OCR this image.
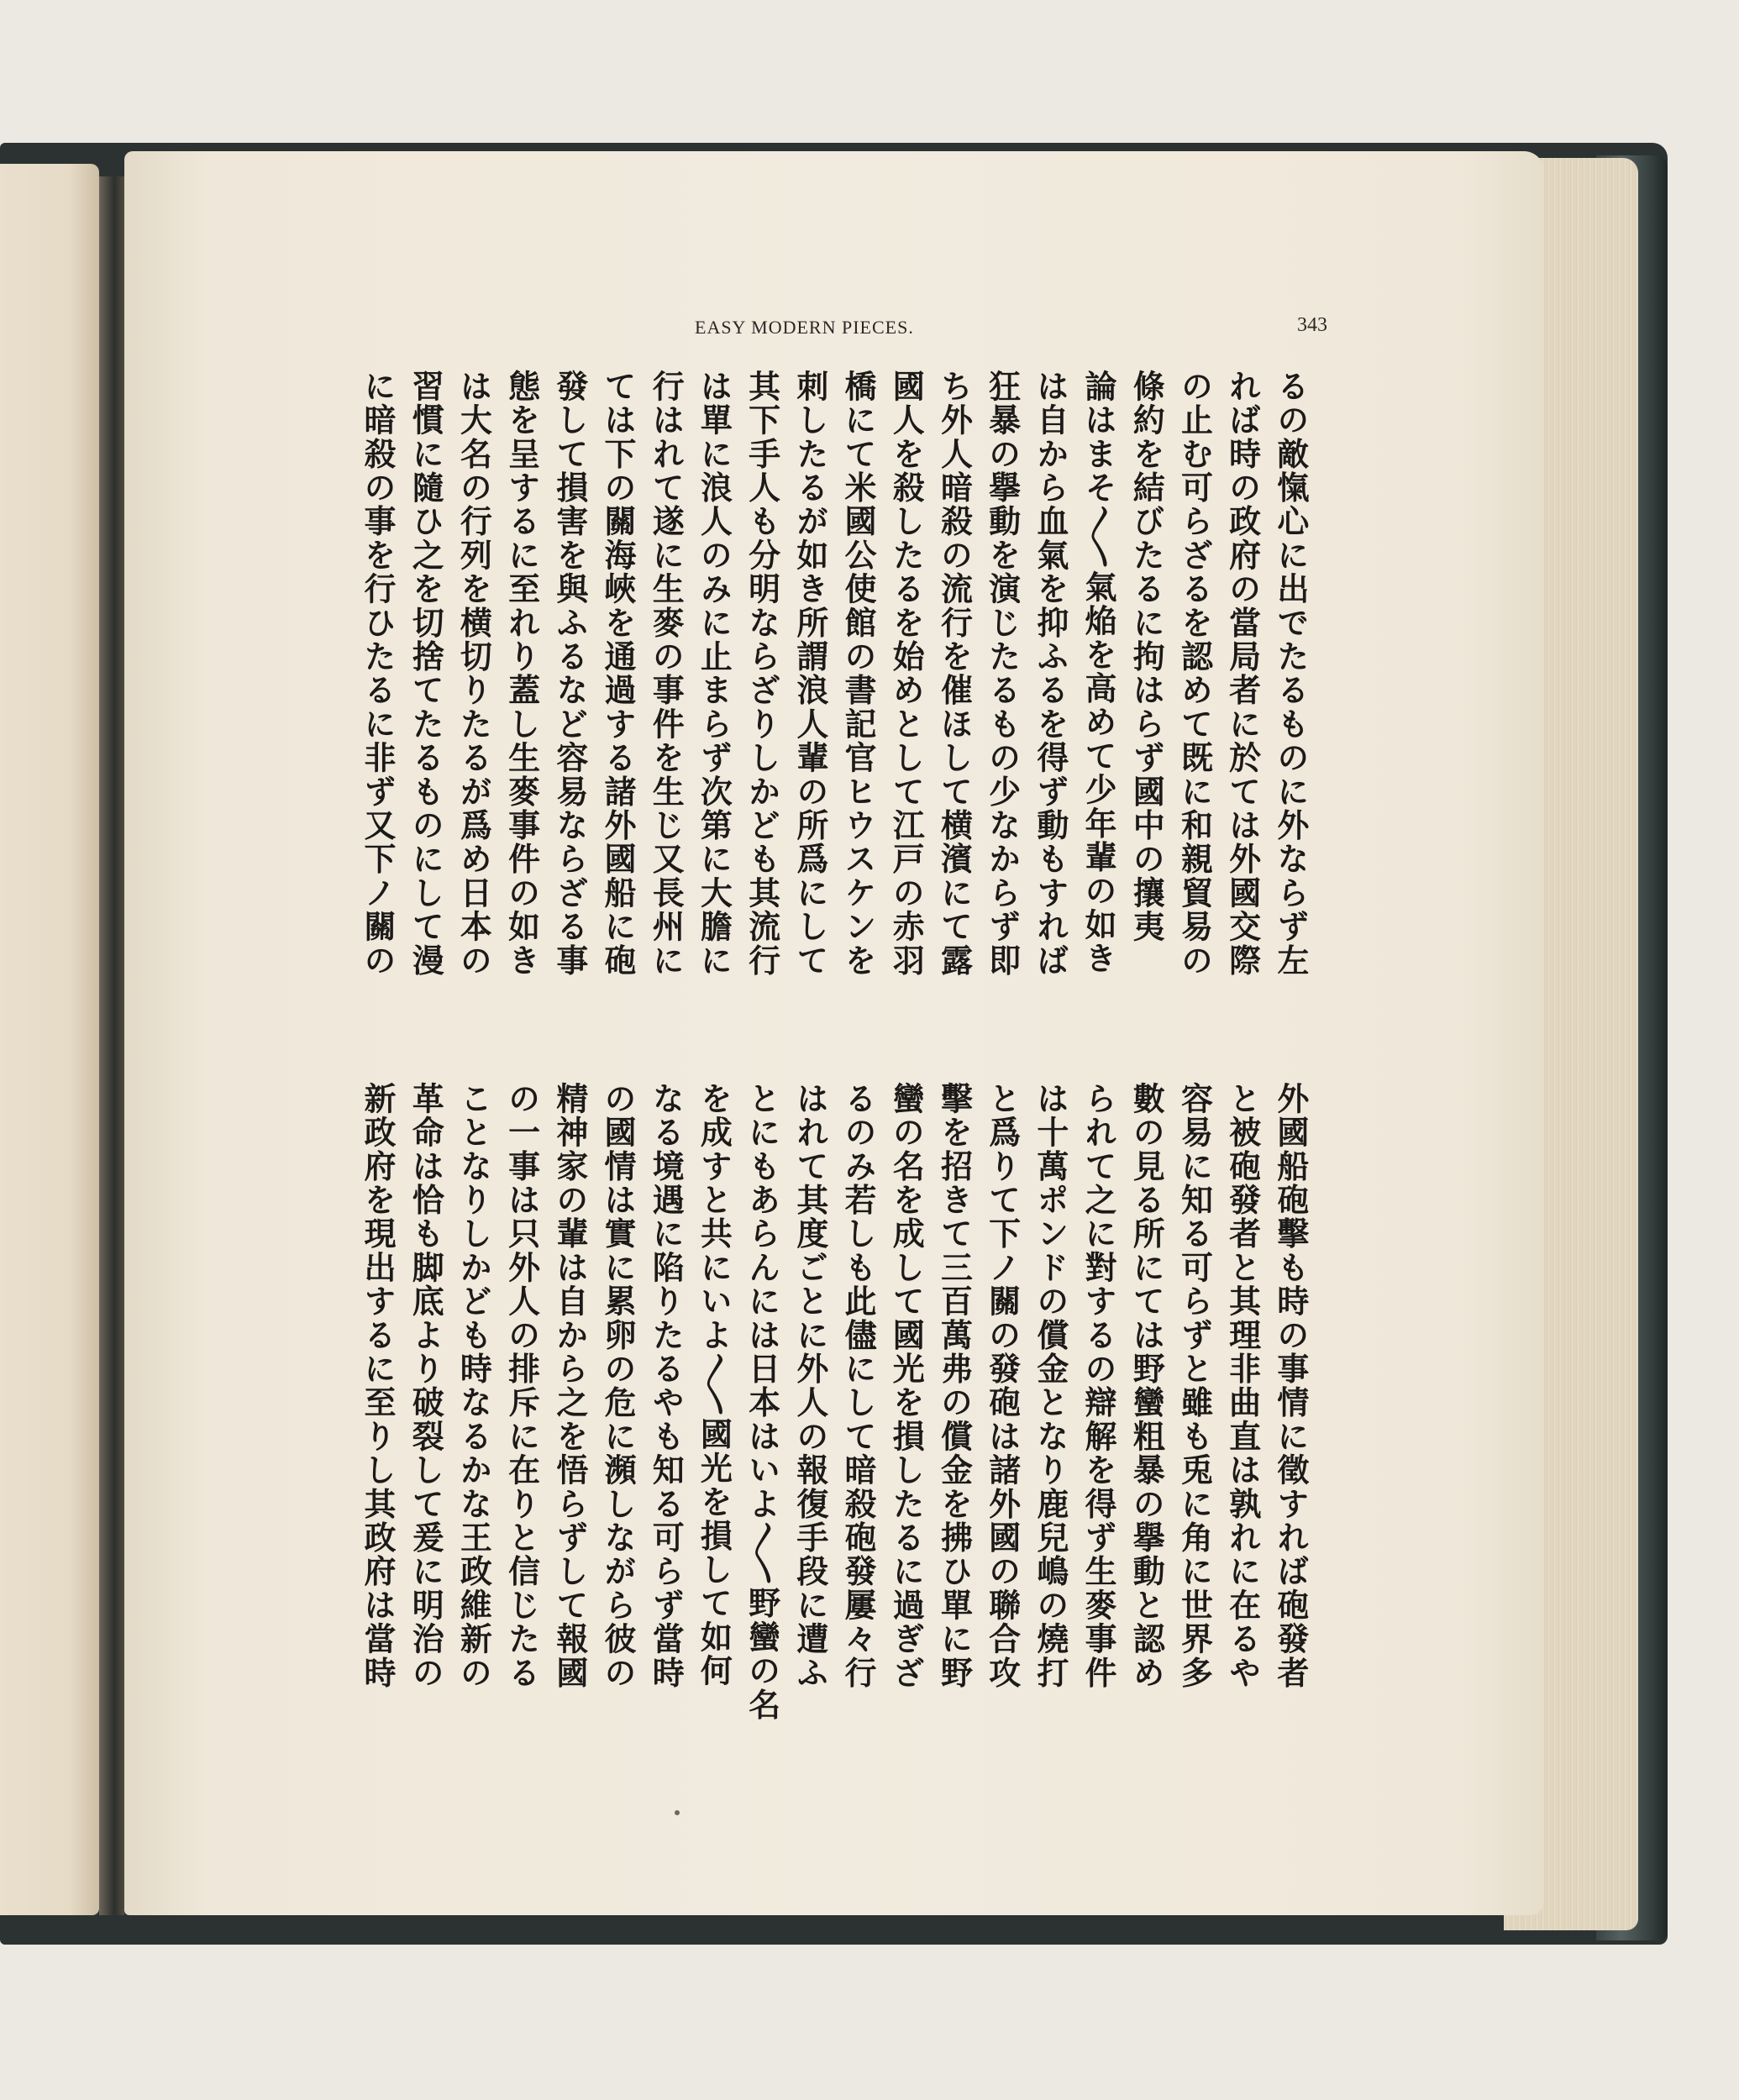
EASY MODERN PIECES.	343
るの敵愾心に出でたるものに外ならず左
れば時の政府の當局者に於ては外國交際
の止む可らざるを認めて既に和親貿易の
條約を結びたるに拘はらず國中の攘夷
論はまそ〳〵氣焔を高めて少年輩の如き
は自から血氣を抑ふるを得ず動もすれば
狂暴の擧動を演じたるもの少なからず即
ち外人暗殺の流行を催ほして横濱にて露
國人を殺したるを始めとして江戸の赤羽
橋にて米國公使館の書記官ヒウスケンを
刺したるが如き所謂浪人輩の所爲にして
其下手人も分明ならざりしかども其流行
は單に浪人のみに止まらず次第に大膽に
行はれて遂に生麥の事件を生じ又長州に
ては下の關海峽を通過する諸外國船に砲
發して損害を與ふるなど容易ならざる事
態を呈するに至れり蓋し生麥事件の如き
は大名の行列を横切りたるが爲め日本の
習慣に隨ひ之を切捨てたるものにして漫
に暗殺の事を行ひたるに非ず又下ノ關の
外國船砲擊も時の事情に徵すれば砲發者
と被砲發者と其理非曲直は孰れに在るや
容易に知る可らずと雖も兎に角に世界多
數の見る所にては野蠻粗暴の擧動と認め
られて之に對するの辯解を得ず生麥事件
は十萬ポンドの償金となり鹿兒嶋の燒打
と爲りて下ノ關の發砲は諸外國の聯合攻
擊を招きて三百萬弗の償金を拂ひ單に野
蠻の名を成して國光を損したるに過ぎざ
るのみ若しも此儘にして暗殺砲發屢々行
はれて其度ごとに外人の報復手段に遭ふ
とにもあらんには日本はいよ〳〵野蠻の名
を成すと共にいよ〳〵國光を損して如何
なる境遇に陷りたるやも知る可らず當時
の國情は實に累卵の危に瀕しながら彼の
精神家の輩は自から之を悟らずして報國
の一事は只外人の排斥に在りと信じたる
ことなりしかども時なるかな王政維新の
革命は恰も脚底より破裂して爰に明治の
新政府を現出するに至りし其政府は當時
